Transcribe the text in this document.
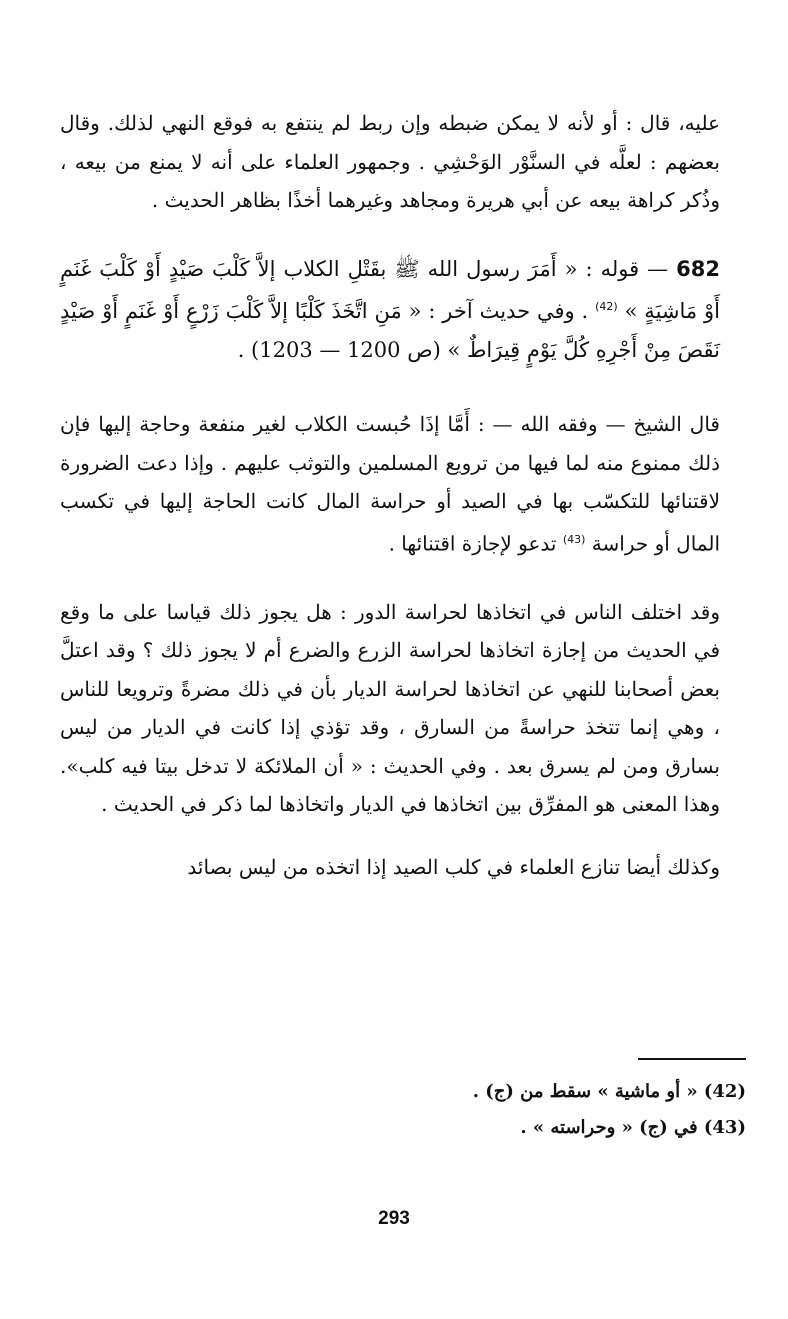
عليه، قال : أو لأنه لا يمكن ضبطه وإن ربط لم ينتفع به فوقع النهي لذلك. وقال بعضهم : لعلَّه في السنَّوْر الوَحْشِي . وجمهور العلماء على أنه لا يمنع من بيعه ، وذُكر كراهة بيعه عن أبي هريرة ومجاهد وغيرهما أخذًا بظاهر الحديث .

682 — قوله : « أَمَرَ رسول الله ﷺ بقَتْلِ الكلاب إلاَّ كَلْبَ صَيْدٍ أَوْ كَلْبَ غَنَمٍ أَوْ مَاشِيَةٍ » $^{(42)}$ . وفي حديث آخر : « مَنِ اتَّخَذَ كَلْبًا إلاَّ كَلْبَ زَرْعٍ أَوْ غَنَمٍ أَوْ صَيْدٍ نَقَصَ مِنْ أَجْرِهِ كُلَّ يَوْمٍ قِيرَاطٌ » (ص 1200 — 1203) .

قال الشيخ — وفقه الله — : أَمَّا إذَا حُبست الكلاب لغير منفعة وحاجة إليها فإن ذلك ممنوع منه لما فيها من ترويع المسلمين والتوثب عليهم . وإذا دعت الضرورة لاقتنائها للتكسّب بها في الصيد أو حراسة المال كانت الحاجة إليها في تكسب المال أو حراسة $^{(43)}$ تدعو لإجازة اقتنائها .

وقد اختلف الناس في اتخاذها لحراسة الدور : هل يجوز ذلك قياسا على ما وقع في الحديث من إجازة اتخاذها لحراسة الزرع والضرع أم لا يجوز ذلك ؟ وقد اعتلَّ بعض أصحابنا للنهي عن اتخاذها لحراسة الديار بأن في ذلك مضرةً وترويعا للناس ، وهي إنما تتخذ حراسةً من السارق ، وقد تؤذي إذا كانت في الديار من ليس بسارق ومن لم يسرق بعد . وفي الحديث : « أن الملائكة لا تدخل بيتا فيه كلب». وهذا المعنى هو المفرِّق بين اتخاذها في الديار واتخاذها لما ذكر في الحديث .

وكذلك أيضا تنازع العلماء في كلب الصيد إذا اتخذه من ليس بصائد

(42) « أو ماشية » سقط من (ج) .

(43) في (ج) « وحراسته » .

293
